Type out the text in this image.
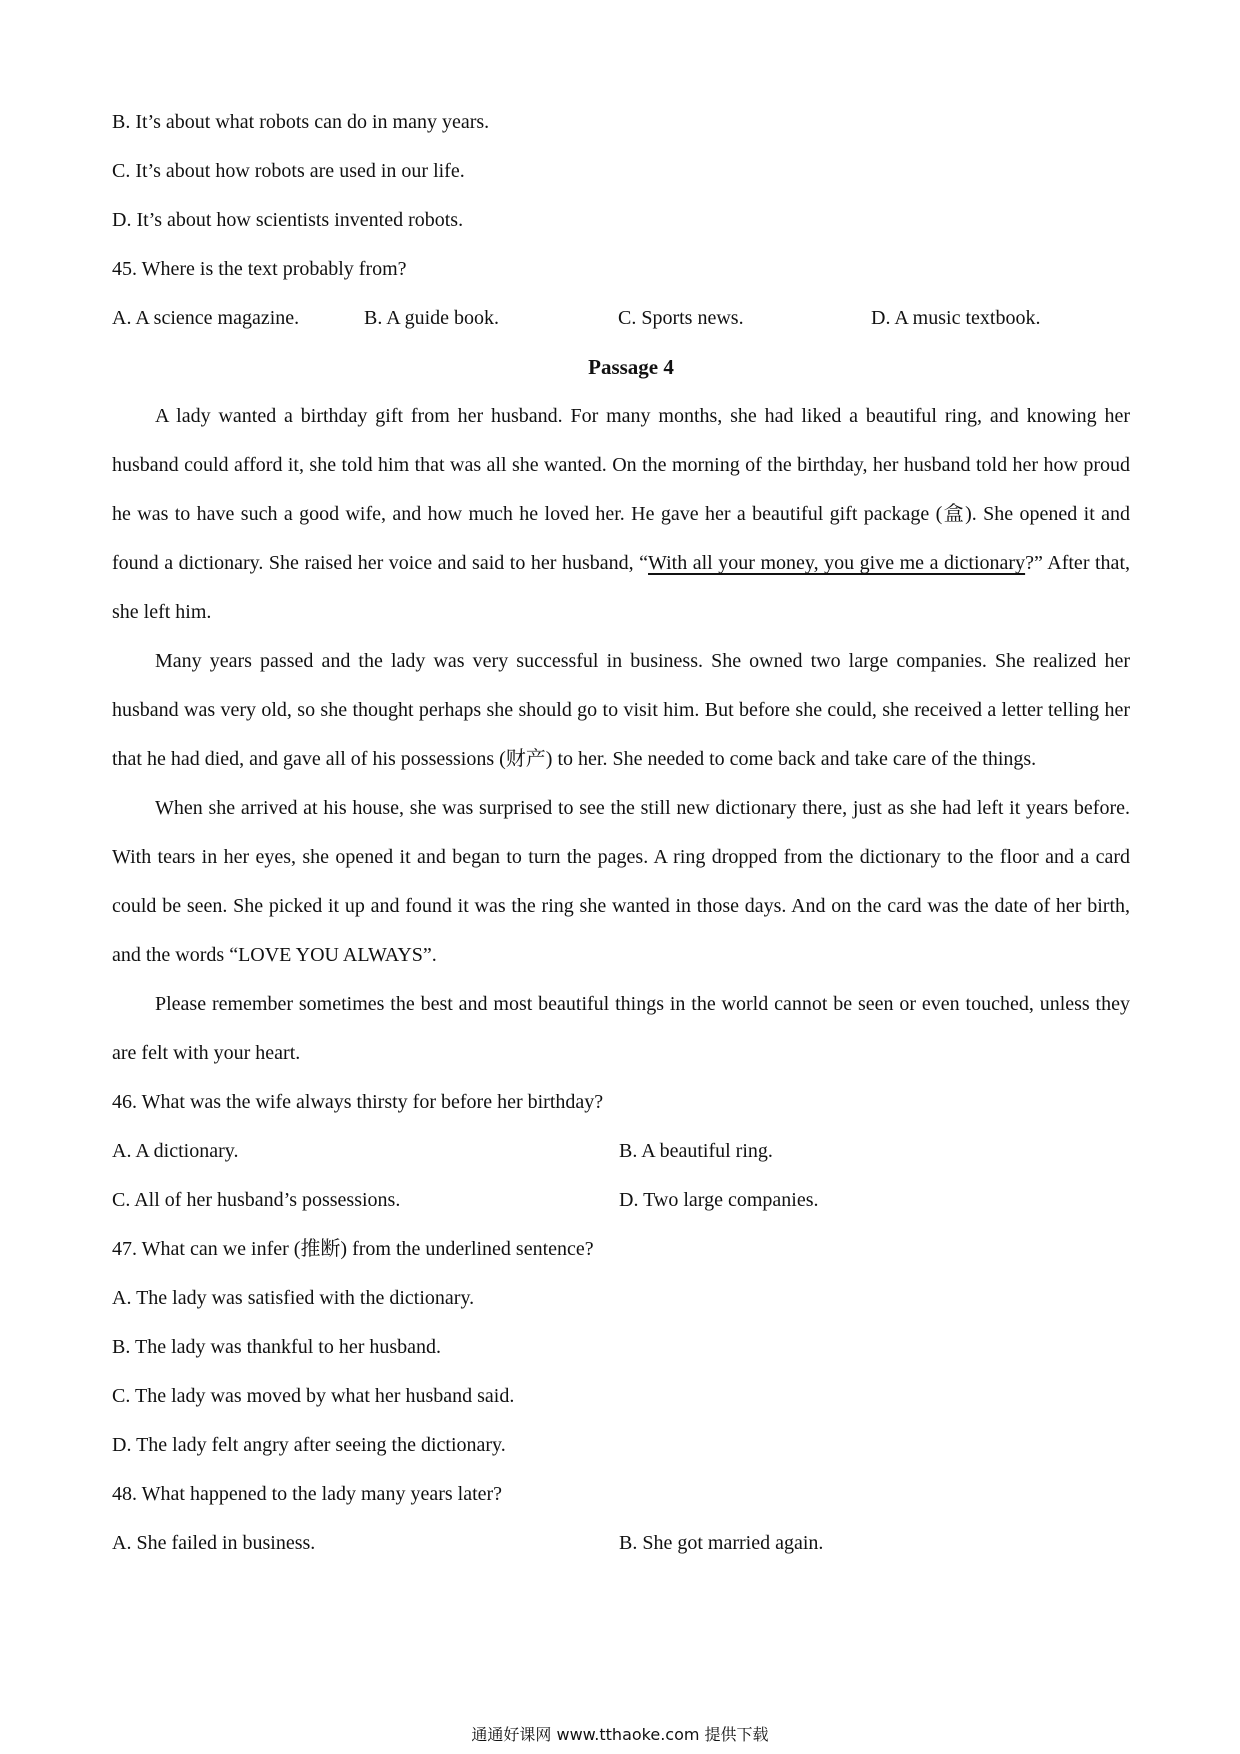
B. It’s about what robots can do in many years.
C. It’s about how robots are used in our life.
D. It’s about how scientists invented robots.
45. Where is the text probably from?
A. A science magazine.	B. A guide book.	C. Sports news.	D. A music textbook.
Passage 4

A lady wanted a birthday gift from her husband. For many months, she had liked a beautiful ring, and knowing her husband could afford it, she told him that was all she wanted. On the morning of the birthday, her husband told her how proud he was to have such a good wife, and how much he loved her. He gave her a beautiful gift package (盒). She opened it and found a dictionary. She raised her voice and said to her husband, “With all your money, you give me a dictionary?” After that, she left him.

Many years passed and the lady was very successful in business. She owned two large companies. She realized her husband was very old, so she thought perhaps she should go to visit him. But before she could, she received a letter telling her that he had died, and gave all of his possessions (财产) to her. She needed to come back and take care of the things.

When she arrived at his house, she was surprised to see the still new dictionary there, just as she had left it years before. With tears in her eyes, she opened it and began to turn the pages. A ring dropped from the dictionary to the floor and a card could be seen. She picked it up and found it was the ring she wanted in those days. And on the card was the date of her birth, and the words “LOVE YOU ALWAYS”.

Please remember sometimes the best and most beautiful things in the world cannot be seen or even touched, unless they are felt with your heart.

46. What was the wife always thirsty for before her birthday?
A. A dictionary.	B. A beautiful ring.
C. All of her husband’s possessions.	D. Two large companies.
47. What can we infer (推断) from the underlined sentence?
A. The lady was satisfied with the dictionary.
B. The lady was thankful to her husband.
C. The lady was moved by what her husband said.
D. The lady felt angry after seeing the dictionary.
48. What happened to the lady many years later?
A. She failed in business.	B. She got married again.
通通好课网 www.tthaoke.com 提供下载
